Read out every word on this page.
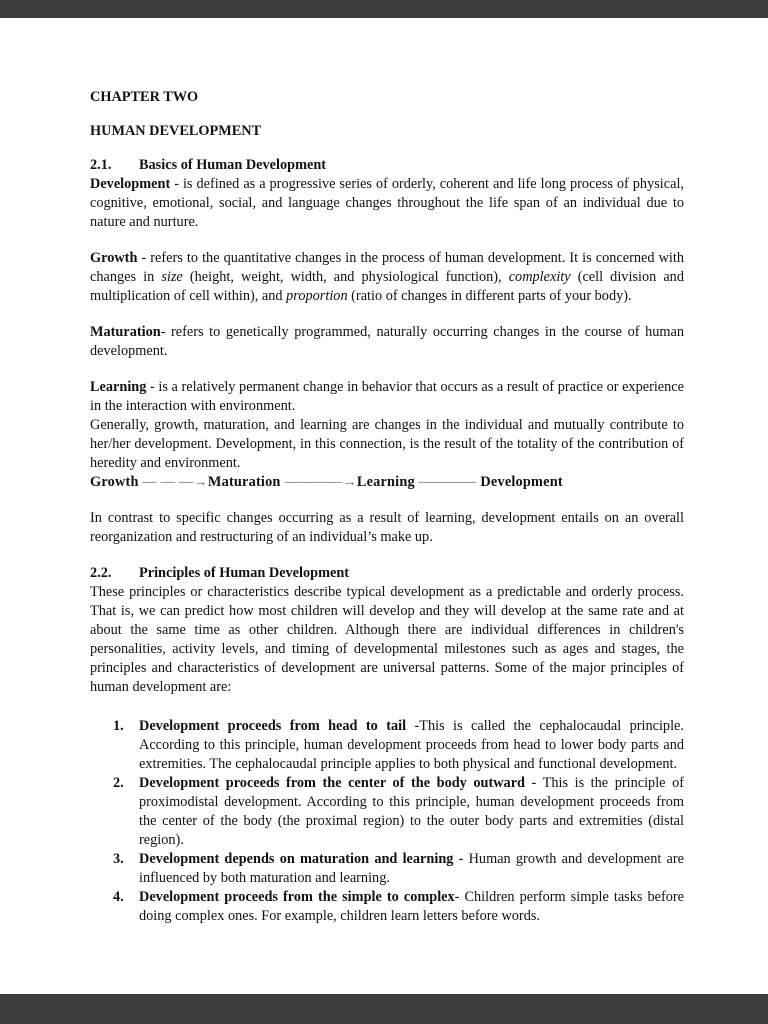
CHAPTER TWO
HUMAN DEVELOPMENT
2.1. Basics of Human Development

Development - is defined as a progressive series of orderly, coherent and life long process of physical, cognitive, emotional, social, and language changes throughout the life span of an individual due to nature and nurture.

Growth - refers to the quantitative changes in the process of human development. It is concerned with changes in size (height, weight, width, and physiological function), complexity (cell division and multiplication of cell within), and proportion (ratio of changes in different parts of your body).

Maturation- refers to genetically programmed, naturally occurring changes in the course of human development.

Learning - is a relatively permanent change in behavior that occurs as a result of practice or experience in the interaction with environment.

Generally, growth, maturation, and learning are changes in the individual and mutually contribute to her/her development. Development, in this connection, is the result of the totality of the contribution of heredity and environment.

Growth — — —→Maturation ————→Learning ———— Development

In contrast to specific changes occurring as a result of learning, development entails on an overall reorganization and restructuring of an individual’s make up.

2.2. Principles of Human Development

These principles or characteristics describe typical development as a predictable and orderly process. That is, we can predict how most children will develop and they will develop at the same rate and at about the same time as other children. Although there are individual differences in children's personalities, activity levels, and timing of developmental milestones such as ages and stages, the principles and characteristics of development are universal patterns. Some of the major principles of human development are:

1.	Development proceeds from head to tail -This is called the cephalocaudal principle. According to this principle, human development proceeds from head to lower body parts and extremities. The cephalocaudal principle applies to both physical and functional development.
2.	Development proceeds from the center of the body outward - This is the principle of proximodistal development. According to this principle, human development proceeds from the center of the body (the proximal region) to the outer body parts and extremities (distal region).
3.	Development depends on maturation and learning - Human growth and development are influenced by both maturation and learning.
4.	Development proceeds from the simple to complex- Children perform simple tasks before doing complex ones. For example, children learn letters before words.
